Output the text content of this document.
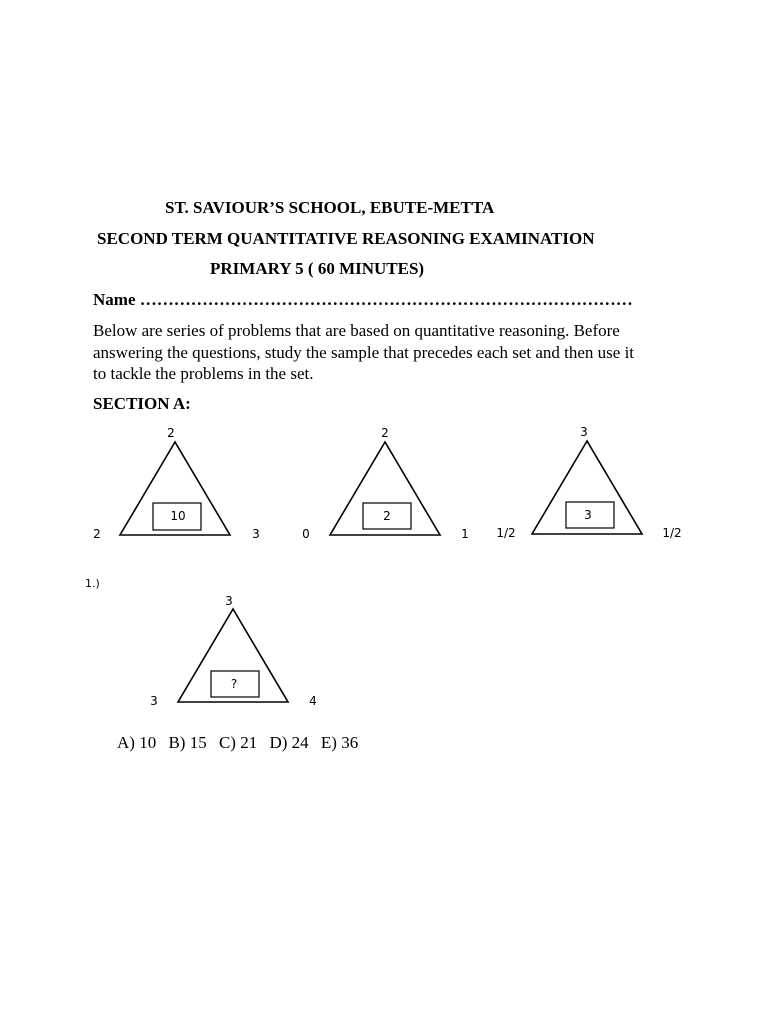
ST. SAVIOUR’S SCHOOL, EBUTE-METTA
SECOND TERM QUANTITATIVE REASONING EXAMINATION
PRIMARY 5 ( 60 MINUTES)
Name ……………………………………………………………………………
Below are series of problems that are based on quantitative reasoning. Before
answering the questions, study the sample that precedes each set and then use it
to tackle the problems in the set.
SECTION A:
2
2	3
10
2
0	1
2
3
1/2	1/2
3
3
3	4
?
1.)
A) 10 B) 15 C) 21 D) 24 E) 36
